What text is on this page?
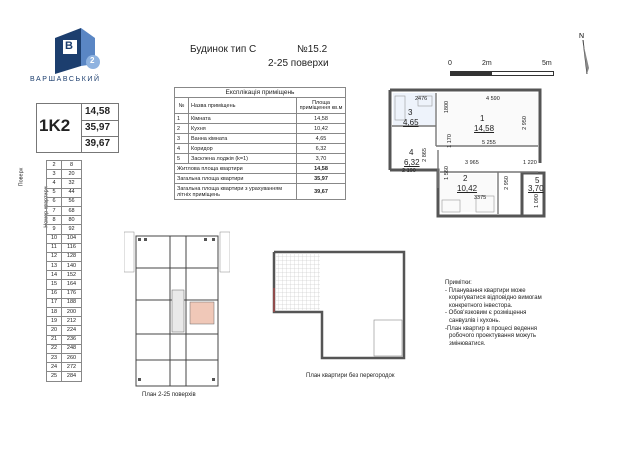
В
2
ВАРШАВСЬКИЙ
Будинок тип С	№15.2
2-25 поверхи	0	2m	5m
N
1K2
14,58
35,97
39,67
Експлікація приміщень		
№	Назва приміщень	Площа приміщення кв.м
1	Кімната	14,58
2	Кухня	10,42
3	Ванна кімната	4,65
4	Коридор	6,32
5	Засклена лоджія (k=1)	3,70
Житлова площа квартири		14,58
Загальна площа квартири		35,97
Загальна площа квартири з урахуванням літніх приміщень		39,67
Поверх
Номер квартири
2	8
3	20
4	32
5	44
6	56
7	68
8	80
9	92
10	104
11	116
12	128
13	140
14	152
15	164
16	176
17	188
18	200
19	212
20	224
21	236
22	248
23	260
24	272
25	284
1
14,58
3
4,65
4
6,32
2
10,42
5
3,70
2476
1800
4 590
2 950
1 170	5 255
3 965	1 220
2 865
2 190	1 560
3375
2 950
1 090
План 2-25 поверхів
План квартири без перегородок
Примітки:
- Планування квартири може
корегуватися відповідно вимогам
конкретного інвестора.
- Обов'язковим є розміщення
санвузлів і кухонь.
-План квартир в процесі ведення
робочого проектування можуть
змінюватися.
